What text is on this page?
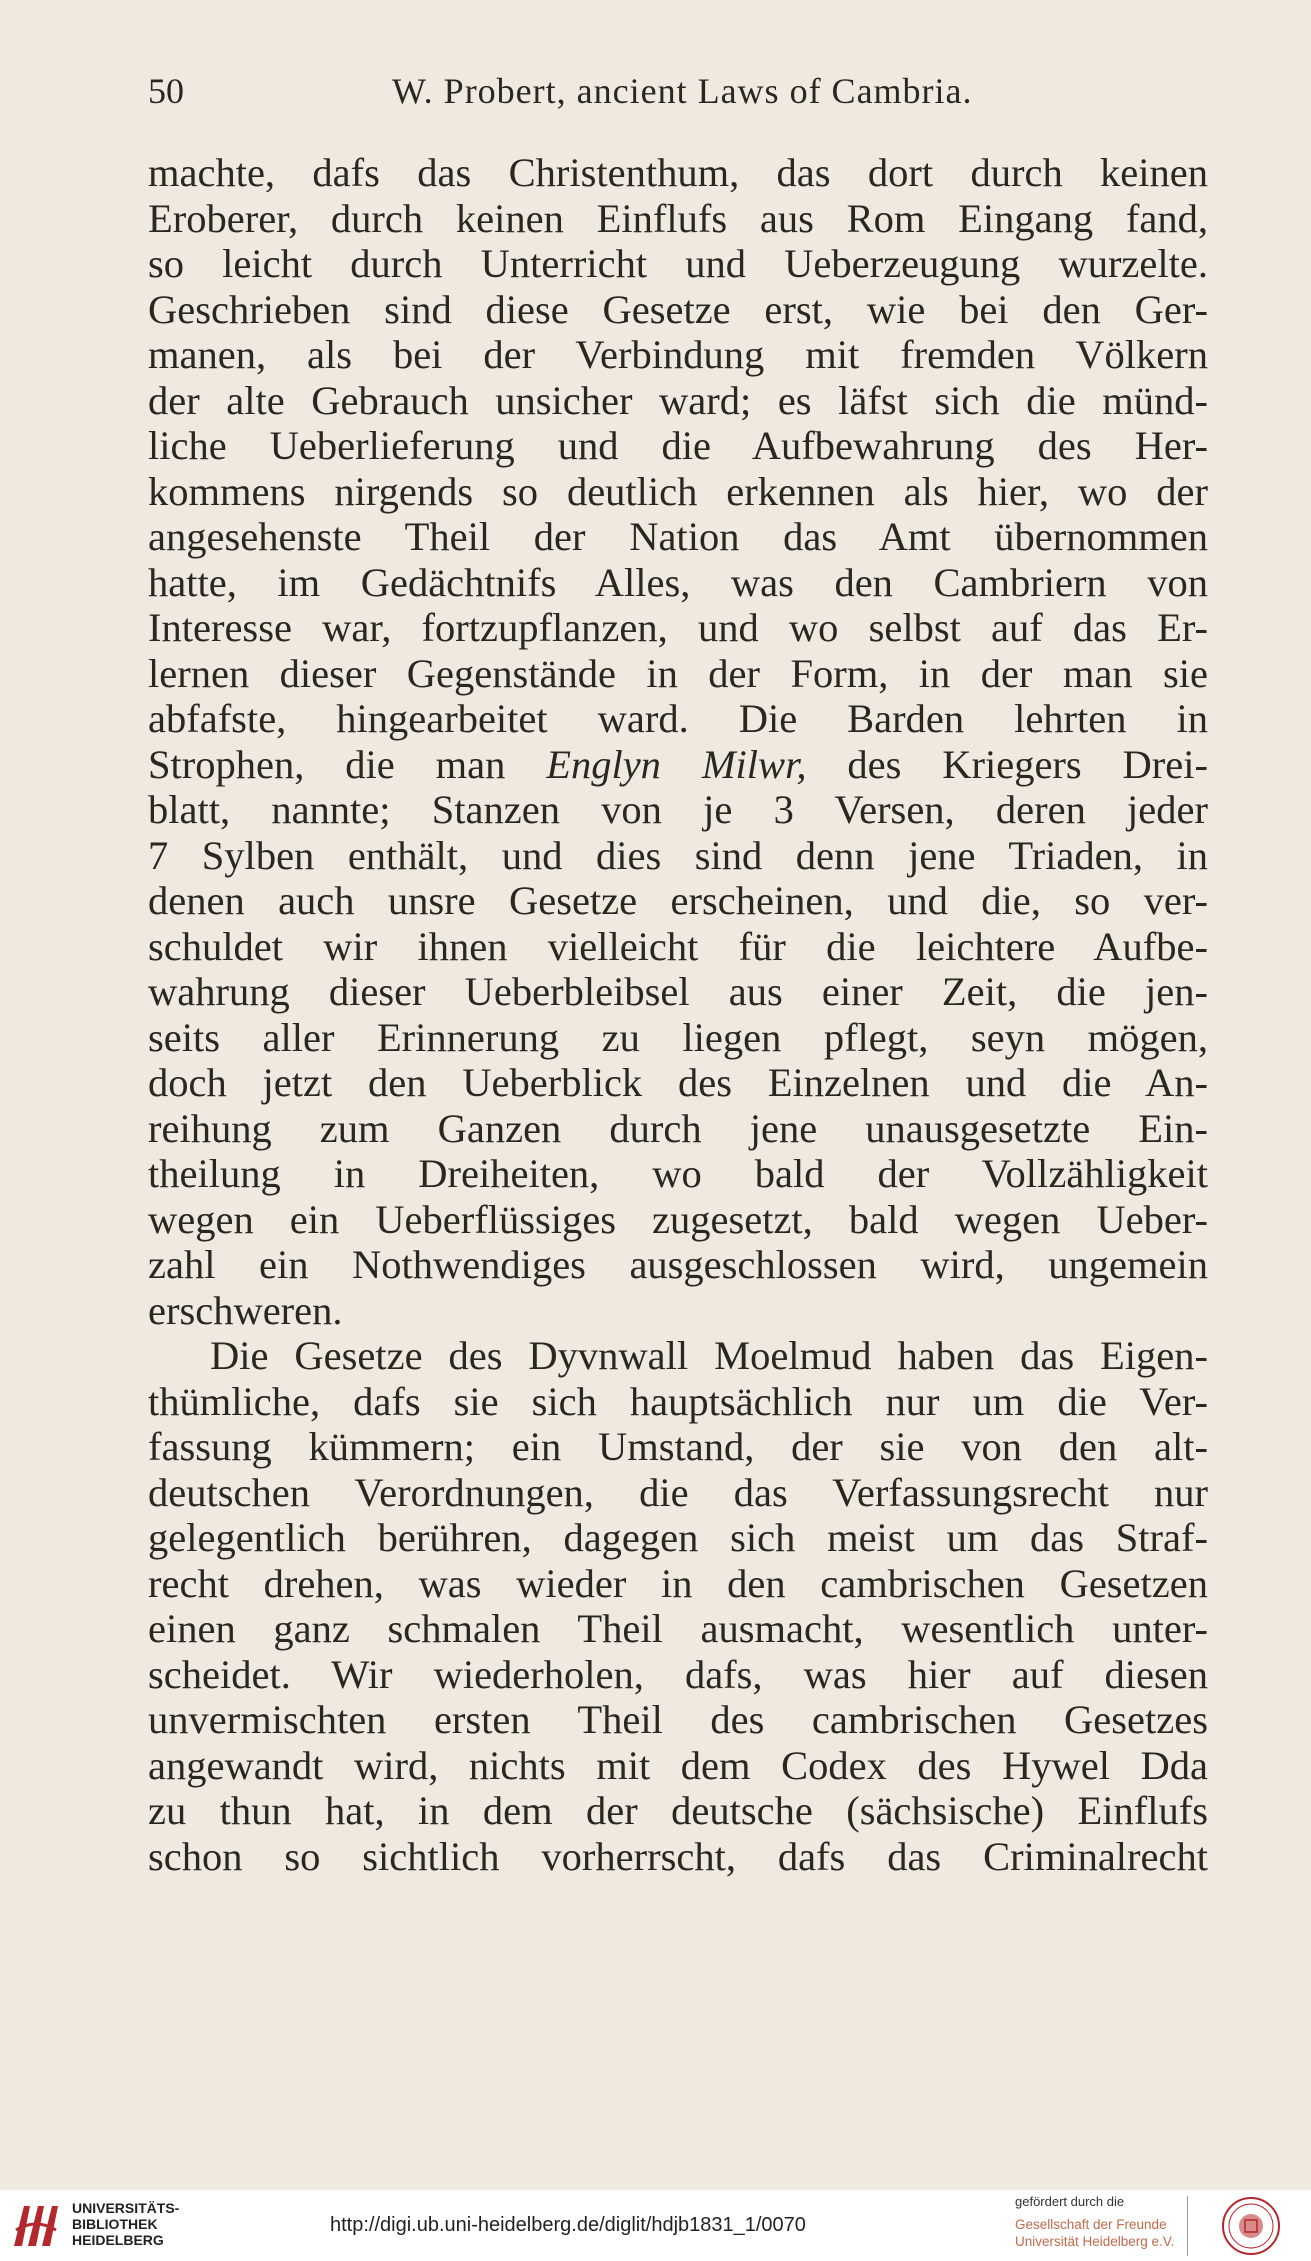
50	W. Probert, ancient Laws of Cambria.
machte, dafs das Christenthum, das dort durch keinen
Eroberer, durch keinen Einflufs aus Rom Eingang fand,
so leicht durch Unterricht und Ueberzeugung wurzelte.
Geschrieben sind diese Gesetze erst, wie bei den Ger-
manen, als bei der Verbindung mit fremden Völkern
der alte Gebrauch unsicher ward; es läfst sich die münd-
liche Ueberlieferung und die Aufbewahrung des Her-
kommens nirgends so deutlich erkennen als hier, wo der
angesehenste Theil der Nation das Amt übernommen
hatte, im Gedächtnifs Alles, was den Cambriern von
Interesse war, fortzupflanzen, und wo selbst auf das Er-
lernen dieser Gegenstände in der Form, in der man sie
abfafste, hingearbeitet ward. Die Barden lehrten in
Strophen, die man Englyn Milwr, des Kriegers Drei-
blatt, nannte; Stanzen von je 3 Versen, deren jeder
7 Sylben enthält, und dies sind denn jene Triaden, in
denen auch unsre Gesetze erscheinen, und die, so ver-
schuldet wir ihnen vielleicht für die leichtere Aufbe-
wahrung dieser Ueberbleibsel aus einer Zeit, die jen-
seits aller Erinnerung zu liegen pflegt, seyn mögen,
doch jetzt den Ueberblick des Einzelnen und die An-
reihung zum Ganzen durch jene unausgesetzte Ein-
theilung in Dreiheiten, wo bald der Vollzähligkeit
wegen ein Ueberflüssiges zugesetzt, bald wegen Ueber-
zahl ein Nothwendiges ausgeschlossen wird, ungemein
erschweren.
Die Gesetze des Dyvnwall Moelmud haben das Eigen-
thümliche, dafs sie sich hauptsächlich nur um die Ver-
fassung kümmern; ein Umstand, der sie von den alt-
deutschen Verordnungen, die das Verfassungsrecht nur
gelegentlich berühren, dagegen sich meist um das Straf-
recht drehen, was wieder in den cambrischen Gesetzen
einen ganz schmalen Theil ausmacht, wesentlich unter-
scheidet. Wir wiederholen, dafs, was hier auf diesen
unvermischten ersten Theil des cambrischen Gesetzes
angewandt wird, nichts mit dem Codex des Hywel Dda
zu thun hat, in dem der deutsche (sächsische) Einflufs
schon so sichtlich vorherrscht, dafs das Criminalrecht
UNIVERSITÄTS-
BIBLIOTHEK
HEIDELBERG
http://digi.ub.uni-heidelberg.de/diglit/hdjb1831_1/0070
gefördert durch die
Gesellschaft der Freunde
Universität Heidelberg e.V.
